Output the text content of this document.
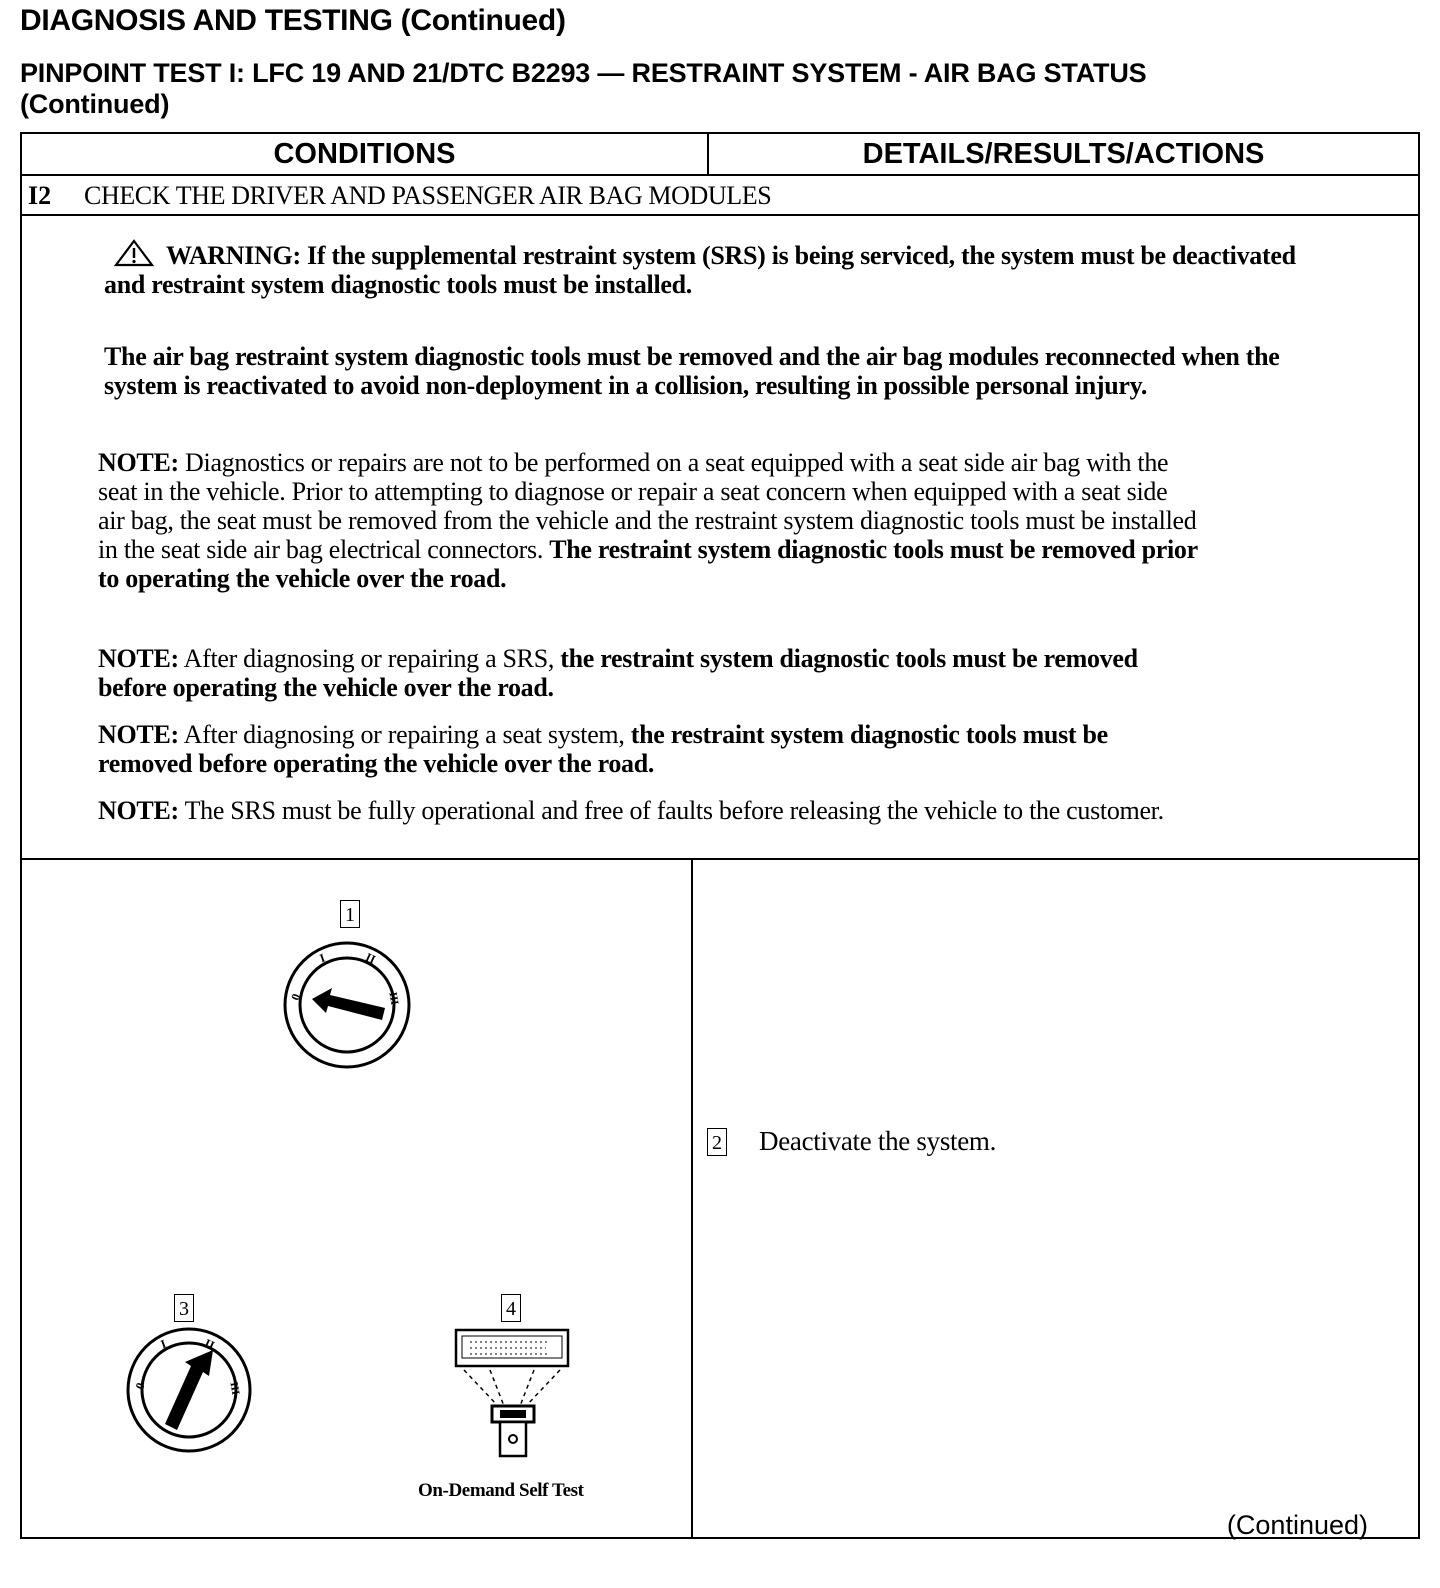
DIAGNOSIS AND TESTING (Continued)
PINPOINT TEST I: LFC 19 AND 21/DTC B2293 — RESTRAINT SYSTEM - AIR BAG STATUS
(Continued)
CONDITIONS	DETAILS/RESULTS/ACTIONS
I2 CHECK THE DRIVER AND PASSENGER AIR BAG MODULES
WARNING: If the supplemental restraint system (SRS) is being serviced, the system must be deactivated and restraint system diagnostic tools must be installed.
The air bag restraint system diagnostic tools must be removed and the air bag modules reconnected when the system is reactivated to avoid non-deployment in a collision, resulting in possible personal injury.
NOTE: Diagnostics or repairs are not to be performed on a seat equipped with a seat side air bag with the seat in the vehicle. Prior to attempting to diagnose or repair a seat concern when equipped with a seat side air bag, the seat must be removed from the vehicle and the restraint system diagnostic tools must be installed in the seat side air bag electrical connectors. The restraint system diagnostic tools must be removed prior to operating the vehicle over the road.
NOTE: After diagnosing or repairing a SRS, the restraint system diagnostic tools must be removed before operating the vehicle over the road.
NOTE: After diagnosing or repairing a seat system, the restraint system diagnostic tools must be removed before operating the vehicle over the road.
NOTE: The SRS must be fully operational and free of faults before releasing the vehicle to the customer.
1
0
I	II
III
3
0
I	II
III
4
On-Demand Self Test
2 Deactivate the system.
(Continued)
